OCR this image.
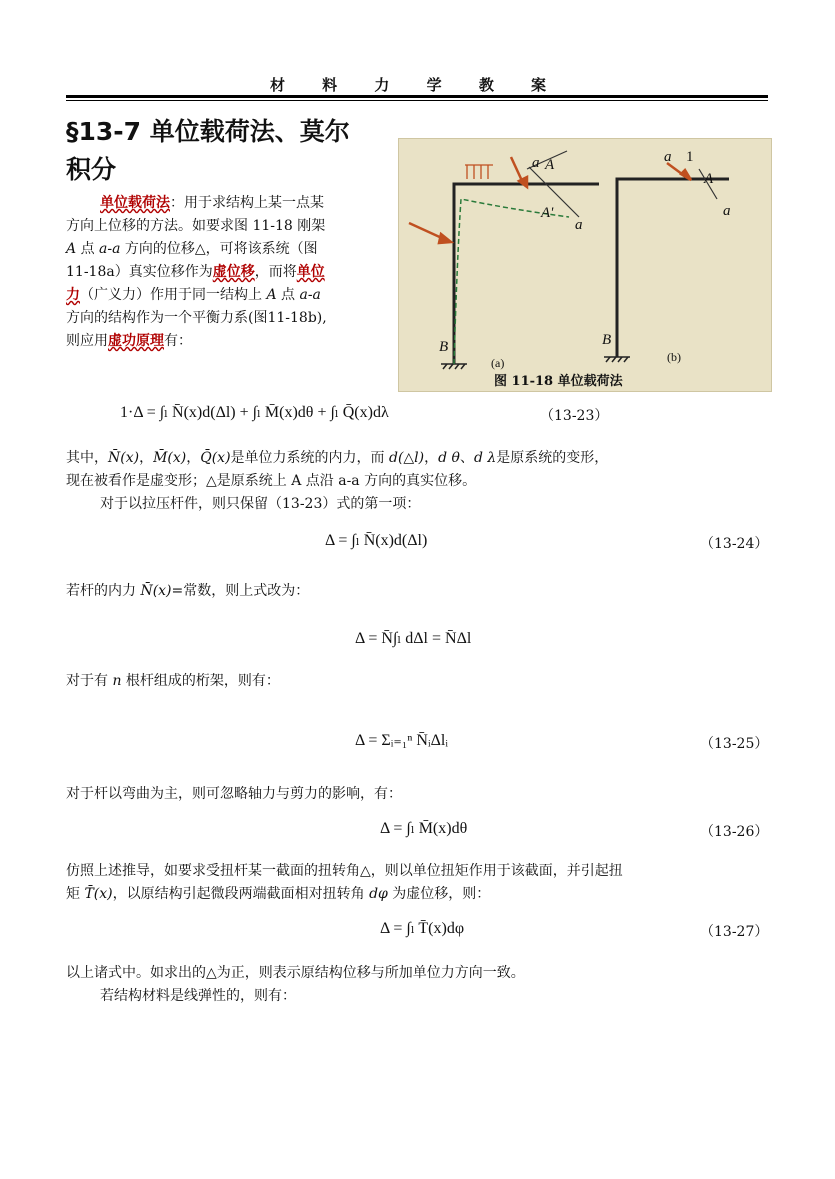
材 料 力 学 教 案
§13-7 单位载荷法、莫尔
积分
单位载荷法：用于求结构上某一点某
方向上位移的方法。如要求图 11-18 刚架
A 点 a-a 方向的位移△，可将该系统（图
11-18a）真实位移作为虚位移，而将单位
力（广义力）作用于同一结构上 A 点 a-a
方向的结构作为一个平衡力系(图11-18b),
则应用虚功原理有：
a A
A'
a
a
A
a
B	B
1
(a)	(b)
图 11-18 单位载荷法
1·Δ = ∫ₗ N̄(x)d(Δl) + ∫ₗ M̄(x)dθ + ∫ₗ Q̄(x)dλ	（13-23）
其中，N̄(x)，M̄(x)，Q̄(x)是单位力系统的内力，而 d(△l)，d θ、d λ是原系统的变形，
现在被看作是虚变形；△是原系统上 A 点沿 a-a 方向的真实位移。
对于以拉压杆件，则只保留（13-23）式的第一项：
Δ = ∫ₗ N̄(x)d(Δl)	（13-24）
若杆的内力 N̄(x)=常数，则上式改为：
Δ = N̄∫ₗ dΔl = N̄Δl
对于有 n 根杆组成的桁架，则有：
Δ = Σᵢ₌₁ⁿ N̄ᵢΔlᵢ	（13-25）
对于杆以弯曲为主，则可忽略轴力与剪力的影响，有：
Δ = ∫ₗ M̄(x)dθ	（13-26）
仿照上述推导，如要求受扭杆某一截面的扭转角△，则以单位扭矩作用于该截面，并引起扭
矩 T̄(x)，以原结构引起微段两端截面相对扭转角 dφ 为虚位移，则：
Δ = ∫ₗ T̄(x)dφ	（13-27）
以上诸式中。如求出的△为正，则表示原结构位移与所加单位力方向一致。
若结构材料是线弹性的，则有：
